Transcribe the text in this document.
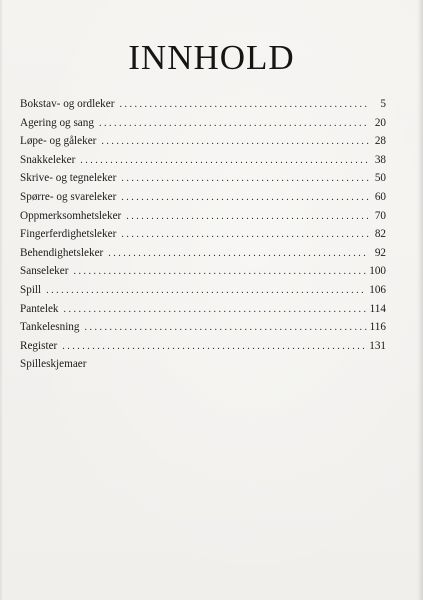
INNHOLD
Bokstav- og ordleker . . .	5
Agering og sang . . .	20
Løpe- og gåleker . . .	28
Snakkeleker . . .	38
Skrive- og tegneleker . . .	50
Spørre- og svareleker . . .	60
Oppmerksomhetsleker . . .	70
Fingerferdighetsleker . . .	82
Behendighetsleker . . .	92
Sanseleker . . .	100
Spill . . .	106
Pantelek . . .	114
Tankelesning . . .	116
Register . . .	131
Spilleskjemaer
